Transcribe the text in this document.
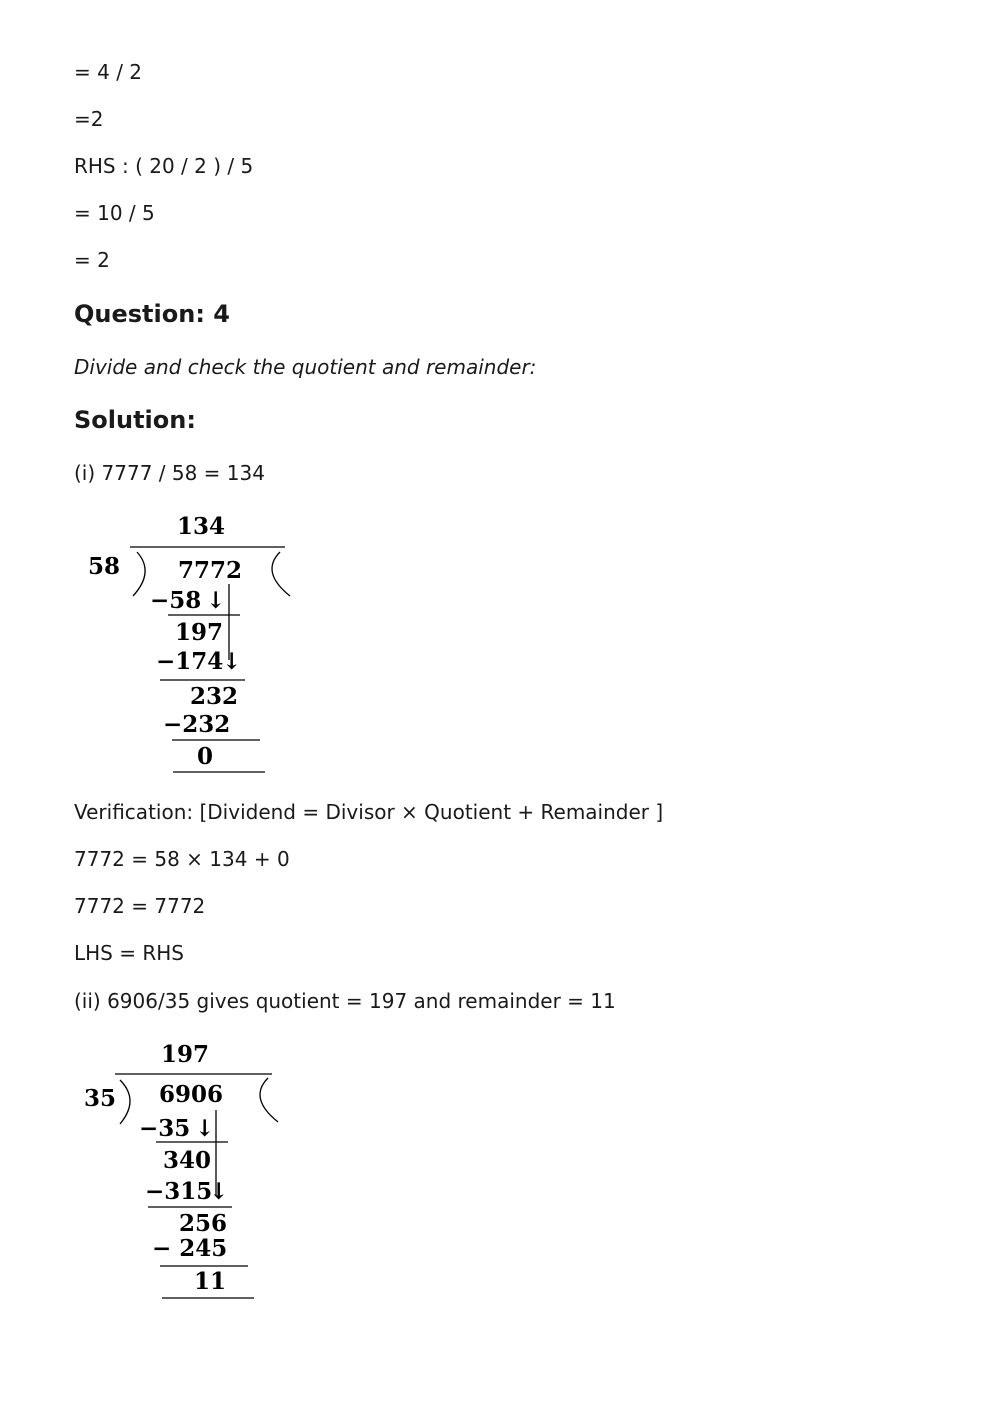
= 4 / 2
=2
RHS : ( 20 / 2 ) / 5
= 10 / 5
= 2
Question: 4
Divide and check the quotient and remainder:
Solution:
(i) 7777 / 58 = 134
134
58	7772
−58 ↓
197
−174
↓
232
−232
0
Verification: [Dividend = Divisor × Quotient + Remainder ]
7772 = 58 × 134 + 0
7772 = 7772
LHS = RHS
(ii) 6906/35 gives quotient = 197 and remainder = 11
197
35 6906
−35 ↓
340
−315
↓
256
− 245
11
